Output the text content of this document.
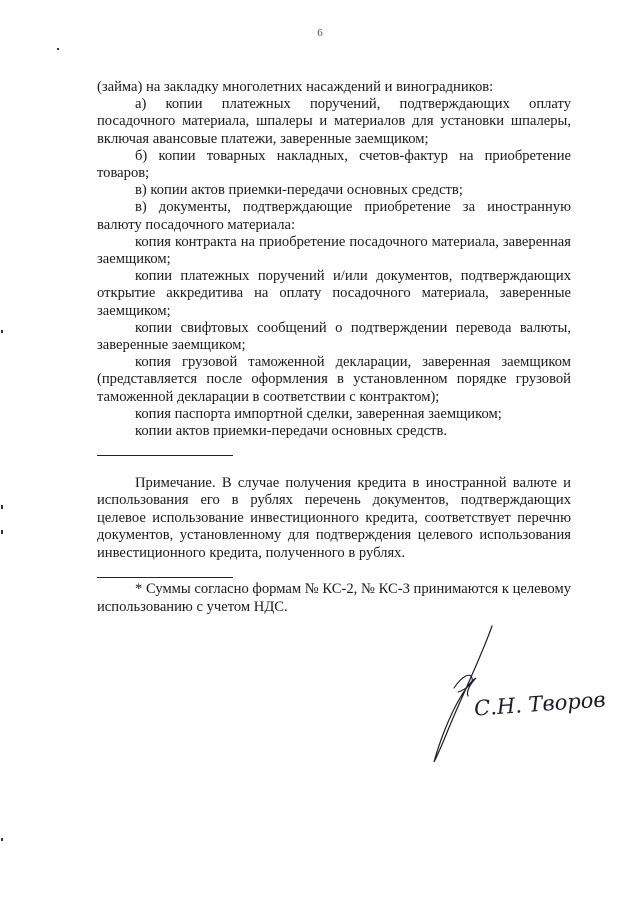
6

(займа) на закладку многолетних насаждений и виноградников:

а) копии платежных поручений, подтверждающих оплату посадочного материала, шпалеры и материалов для установки шпалеры, включая авансовые платежи, заверенные заемщиком;

б) копии товарных накладных, счетов-фактур на приобретение товаров;

в) копии актов приемки-передачи основных средств;

в) документы, подтверждающие приобретение за иностранную валюту посадочного материала:

копия контракта на приобретение посадочного материала, заверенная заемщиком;

копии платежных поручений и/или документов, подтверждающих открытие аккредитива на оплату посадочного материала, заверенные заемщиком;

копии свифтовых сообщений о подтверждении перевода валюты, заверенные заемщиком;

копия грузовой таможенной декларации, заверенная заемщиком (представляется после оформления в установленном порядке грузовой таможенной декларации в соответствии с контрактом);

копия паспорта импортной сделки, заверенная заемщиком;

копии актов приемки-передачи основных средств.

Примечание. В случае получения кредита в иностранной валюте и использования его в рублях перечень документов, подтверждающих целевое использование инвестиционного кредита, соответствует перечню документов, установленному для подтверждения целевого использования инвестиционного кредита, полученного в рублях.

* Суммы согласно формам № КС-2, № КС-3 принимаются к целевому использованию с учетом НДС.

С.Н. Творов
